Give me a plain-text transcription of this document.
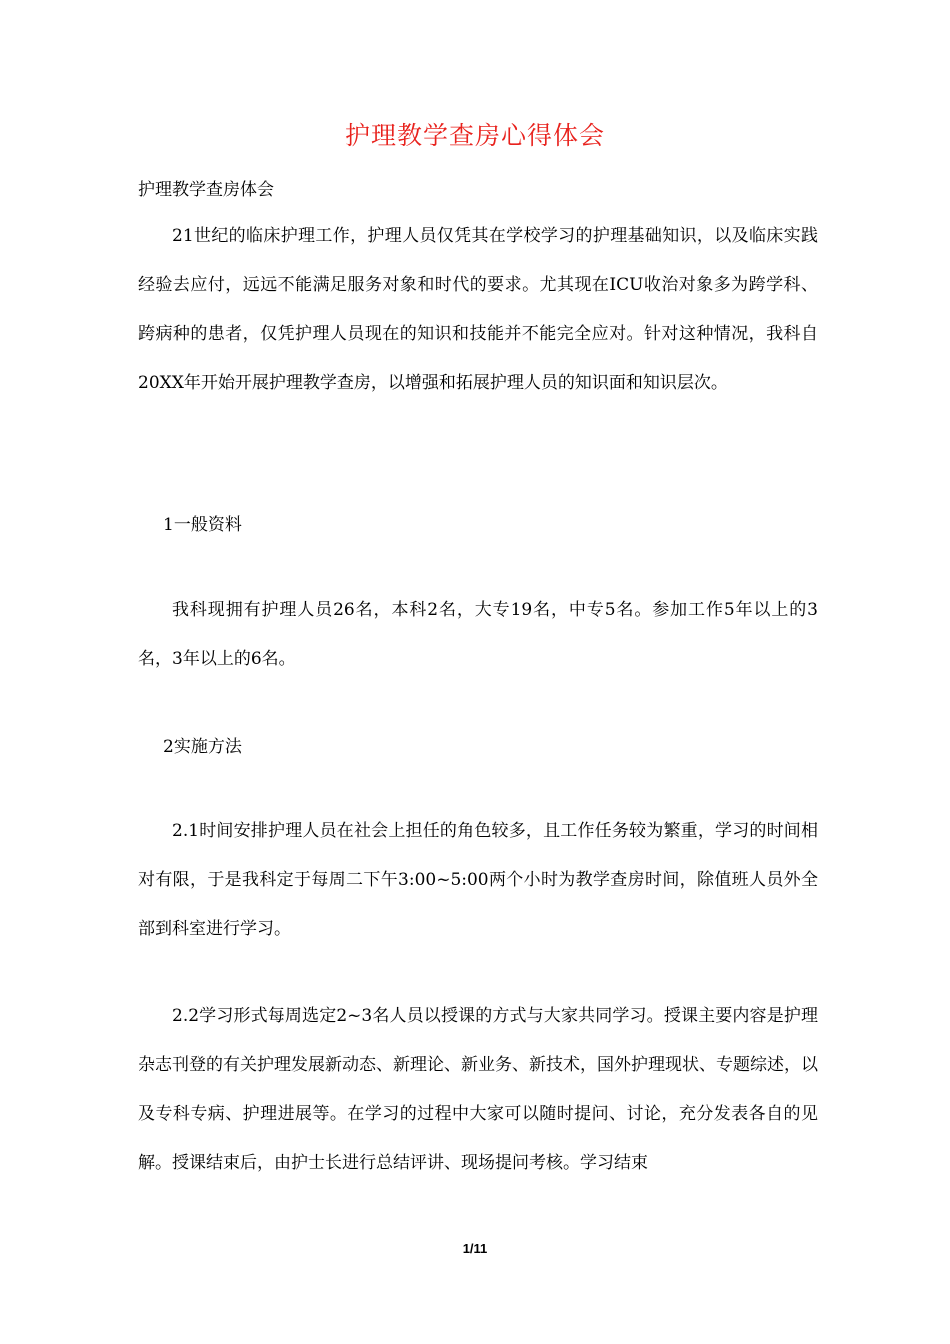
护理教学查房心得体会
护理教学查房体会

21世纪的临床护理工作，护理人员仅凭其在学校学习的护理基础知识，以及临床实践经验去应付，远远不能满足服务对象和时代的要求。尤其现在ICU收治对象多为跨学科、跨病种的患者，仅凭护理人员现在的知识和技能并不能完全应对。针对这种情况，我科自20XX年开始开展护理教学查房，以增强和拓展护理人员的知识面和知识层次。

1一般资料

我科现拥有护理人员26名，本科2名，大专19名，中专5名。参加工作5年以上的3名，3年以上的6名。

2实施方法

2.1时间安排护理人员在社会上担任的角色较多，且工作任务较为繁重，学习的时间相对有限，于是我科定于每周二下午3:00~5:00两个小时为教学查房时间，除值班人员外全部到科室进行学习。

2.2学习形式每周选定2~3名人员以授课的方式与大家共同学习。授课主要内容是护理杂志刊登的有关护理发展新动态、新理论、新业务、新技术，国外护理现状、专题综述，以及专科专病、护理进展等。在学习的过程中大家可以随时提问、讨论，充分发表各自的见解。授课结束后，由护士长进行总结评讲、现场提问考核。学习结束

1/11
